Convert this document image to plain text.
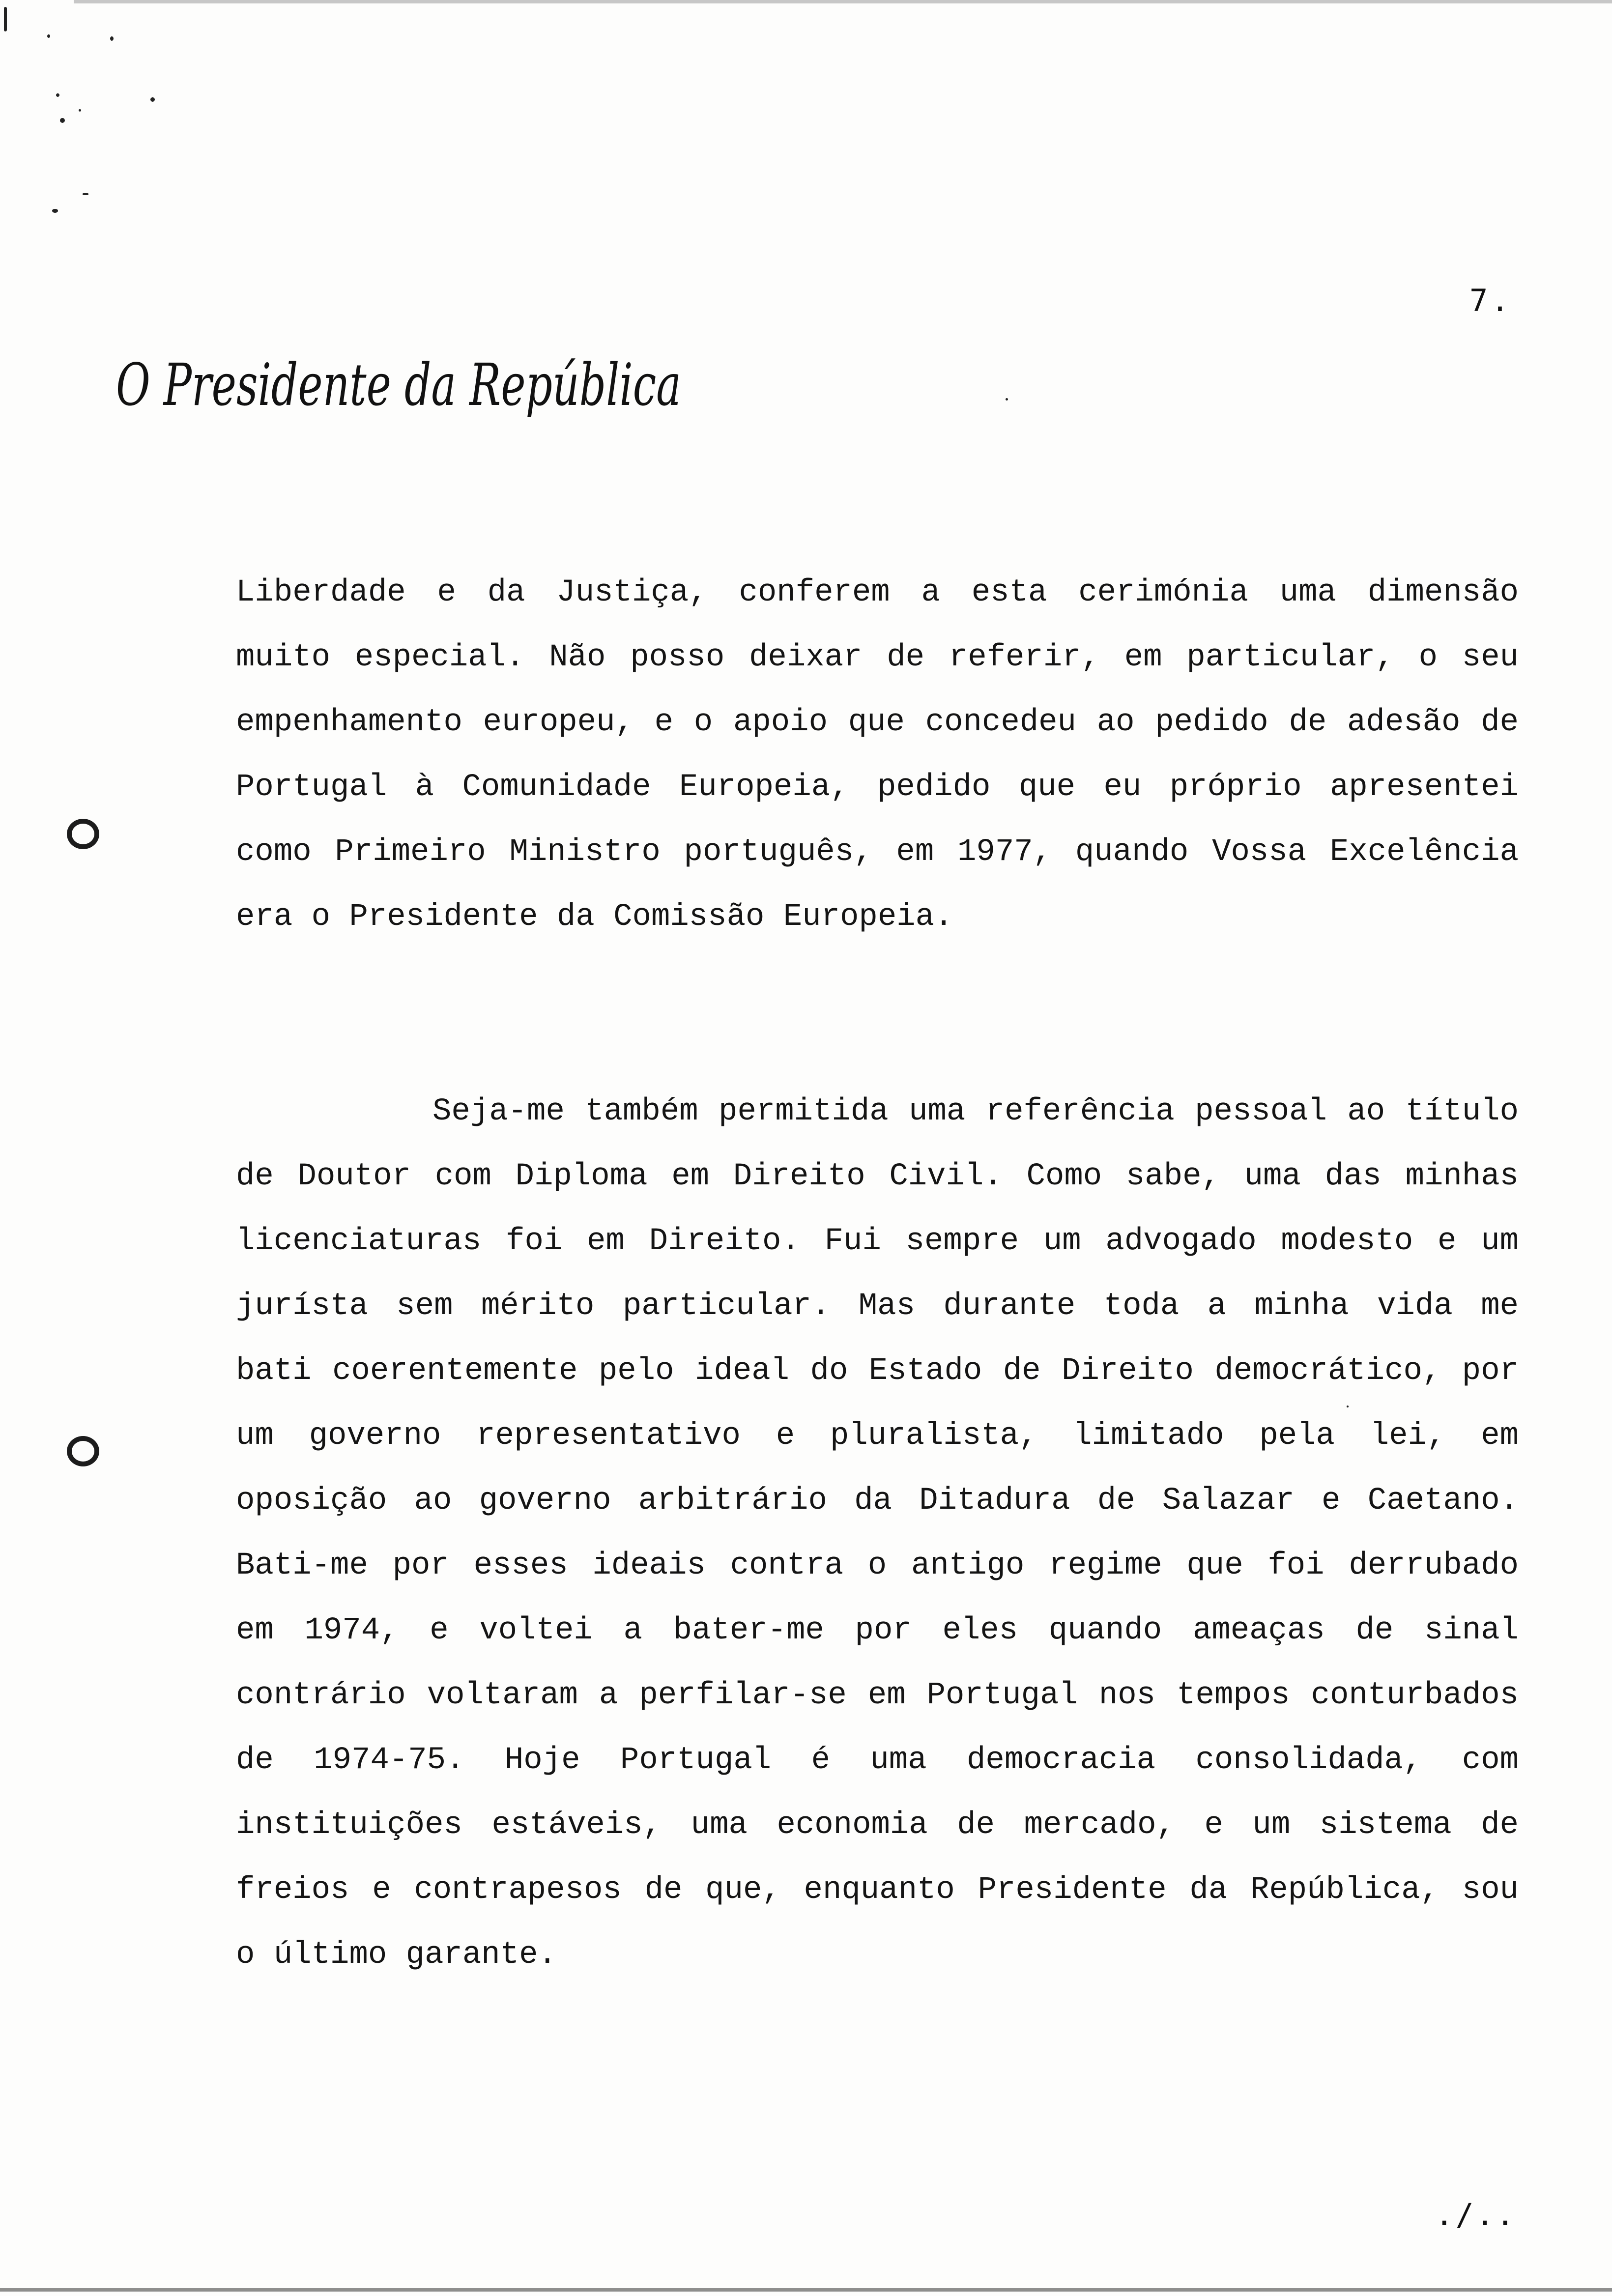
7.
O Presidente da República

Liberdade e da Justiça, conferem a esta cerimónia uma dimensão muito especial. Não posso deixar de referir, em particular, o seu empenhamento europeu, e o apoio que concedeu ao pedido de adesão de Portugal à Comunidade Europeia, pedido que eu próprio apresentei como Primeiro Ministro português, em 1977, quando Vossa Excelência era o Presidente da Comissão Europeia.

Seja-me também permitida uma referência pessoal ao título de Doutor com Diploma em Direito Civil. Como sabe, uma das minhas licenciaturas foi em Direito. Fui sempre um advogado modesto e um jurísta sem mérito particular. Mas durante toda a minha vida me bati coerentemente pelo ideal do Estado de Direito democrático, por um governo representativo e pluralista, limitado pela lei, em oposição ao governo arbitrário da Ditadura de Salazar e Caetano. Bati-me por esses ideais contra o antigo regime que foi derrubado em 1974, e voltei a bater-me por eles quando ameaças de sinal contrário voltaram a perfilar-se em Portugal nos tempos conturbados de 1974-75. Hoje Portugal é uma democracia consolidada, com instituições estáveis, uma economia de mercado, e um sistema de freios e contrapesos de que, enquanto Presidente da República, sou o último garante.

./..
